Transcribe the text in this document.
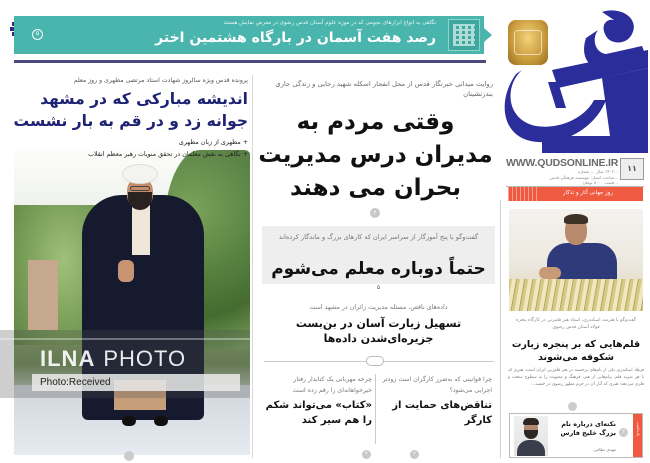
نگاهی به انواع ابزارهای نجومی که در موزه علوم آستان قدس رضوی در معرض نمایش هستند
رصد هفت آسمان در بارگاه هشتمین اختر
۵
WWW.QUDSONLINE.IR	۱۱
...۱۴۰۲ سال ... شماره
...صاحب امتیاز: موسسه فرهنگی قدس
...قیمت ۸۰۰۰ تومان
روز جهانی آثار و تذکار
گفت‌وگو با هنرمند اسکندری، استاد هنر قلمزنی در کارگاه پنجره فولاد آستان قدس رضوی
قلم‌هایی که بر پنجره‌ زیارت شکوفه می‌شوند
فرهاد اسکندری یکی از نام‌های برجسته در هنر قلم‌زنی ایران است. هنری که با هر ضربه قلم، پیام‌هایی از هنر، فرهنگ و معنویت را به سطوح سخت و فلزی می‌دهد؛ هنری که آثار آن در حرم مطهر رضوی در خشند...
یادداشت
۲
نکته‌ای درباره نام بزرگ خلیج فارس
مهدی نظامی
روایت میدانی خبرنگار قدس از محل انفجار اسکله شهید رجایی و زندگی جاری بندرنشینان
وقتی مردم به مدیران درس مدیریت بحران می دهند
۲
گفت‌وگو با پنج آموزگار از سراسر ایران که کارهای بزرگ و ماندگار کرده‌اند
حتماً دوباره معلم می‌شوم
۵
داده‌های ناقص، مسئله مدیریت زائران در مشهد است
تسهیل زیارت آسان در بن‌بست جزیره‌ای‌شدن داده‌ها
چرا قوانینی که به‌ضرر کارگران است زودتر اجرایی می‌شود؟
تناقض‌های حمایت از کارگر
چرخه مهربانی یک کتابدار رفتار خیرخواهانه‌ای را رقم زده است
«کتاب» می‌تواند شکم را هم سیر کند
۲
۴
پرونده قدس ویژه سالروز شهادت استاد مرتضی مطهری و روز معلم
اندیشه مبارکی که در مشهد جوانه زد و در قم به بار نشست
+ مطهری از زبان مطهری
+ نگاهی به نقش معلمان در تحقق منویات رهبر معظم انقلاب
ILNA PHOTO
Photo:Received
